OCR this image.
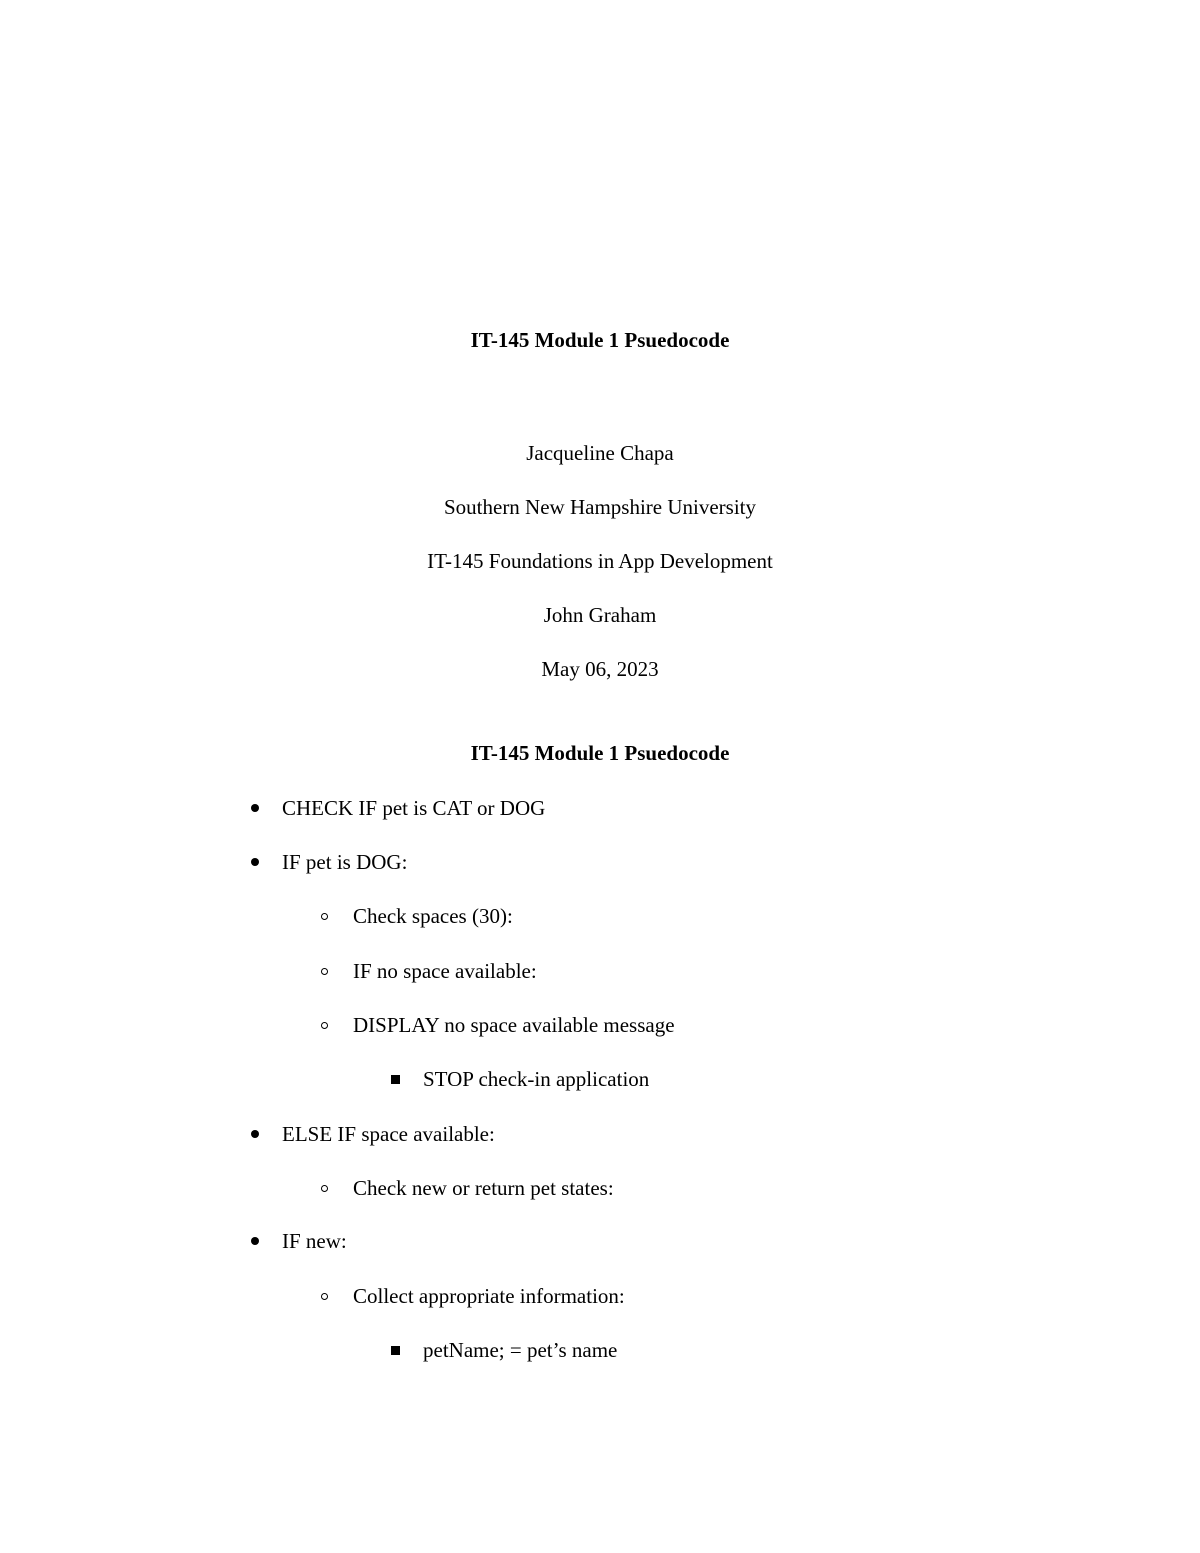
IT-145 Module 1 Psuedocode
Jacqueline Chapa
Southern New Hampshire University
IT-145 Foundations in App Development
John Graham
May 06, 2023
IT-145 Module 1 Psuedocode
CHECK IF pet is CAT or DOG
IF pet is DOG:
Check spaces (30):
IF no space available:
DISPLAY no space available message
STOP check-in application
ELSE IF space available:
Check new or return pet states:
IF new:
Collect appropriate information:
petName; = pet’s name
